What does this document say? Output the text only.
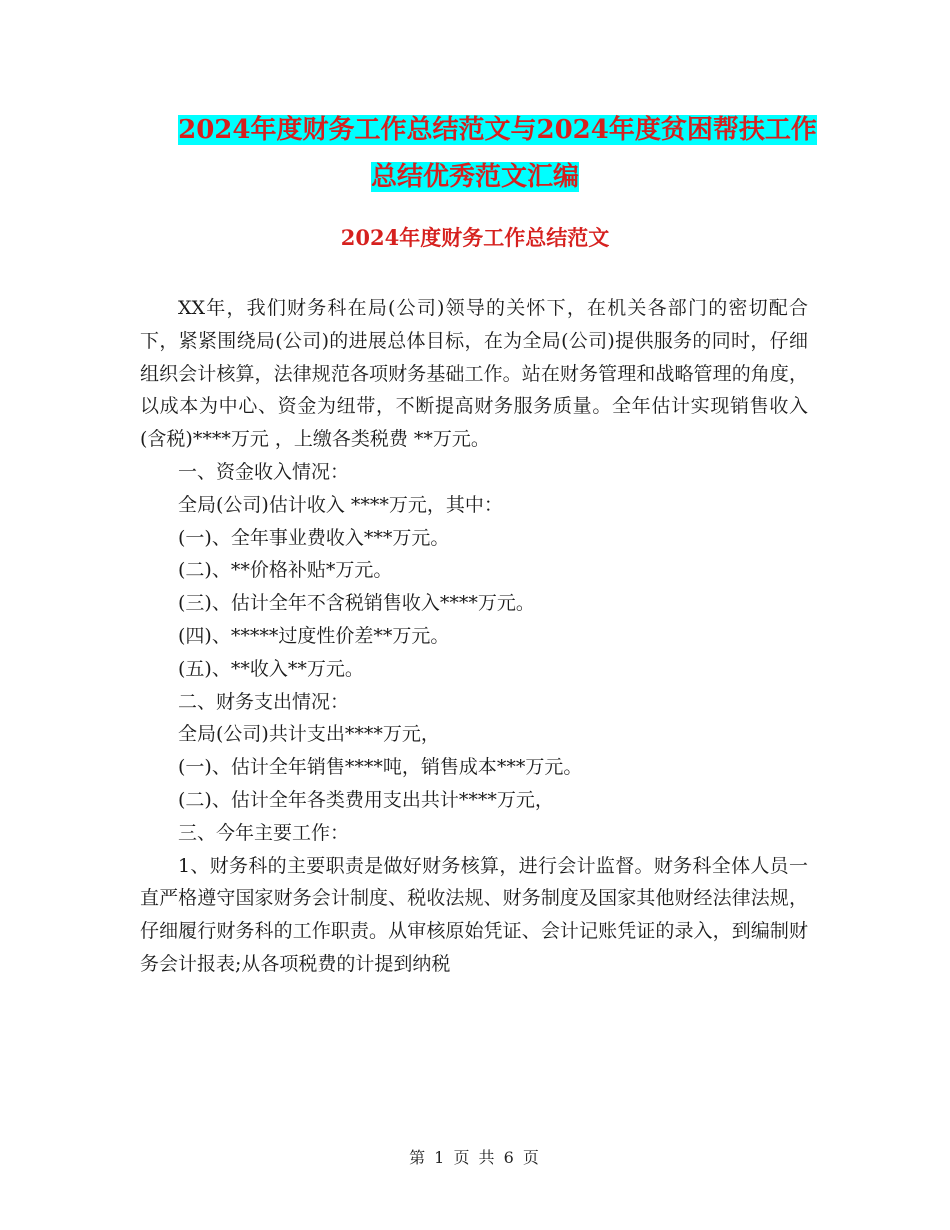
2024年度财务工作总结范文与2024年度贫困帮扶工作
总结优秀范文汇编
2024年度财务工作总结范文

XX年，我们财务科在局(公司)领导的关怀下，在机关各部门的密切配合下，紧紧围绕局(公司)的进展总体目标，在为全局(公司)提供服务的同时，仔细组织会计核算，法律规范各项财务基础工作。站在财务管理和战略管理的角度，以成本为中心、资金为纽带，不断提高财务服务质量。全年估计实现销售收入(含税)****万元 ，上缴各类税费 **万元。

一、资金收入情况：

全局(公司)估计收入 ****万元，其中：

(一)、全年事业费收入***万元。

(二)、**价格补贴*万元。

(三)、估计全年不含税销售收入****万元。

(四)、*****过度性价差**万元。

(五)、**收入**万元。

二、财务支出情况：

全局(公司)共计支出****万元，

(一)、估计全年销售****吨，销售成本***万元。

(二)、估计全年各类费用支出共计****万元，

三、今年主要工作：

1、财务科的主要职责是做好财务核算，进行会计监督。财务科全体人员一直严格遵守国家财务会计制度、税收法规、财务制度及国家其他财经法律法规，仔细履行财务科的工作职责。从审核原始凭证、会计记账凭证的录入，到编制财务会计报表;从各项税费的计提到纳税

第 1 页 共 6 页
